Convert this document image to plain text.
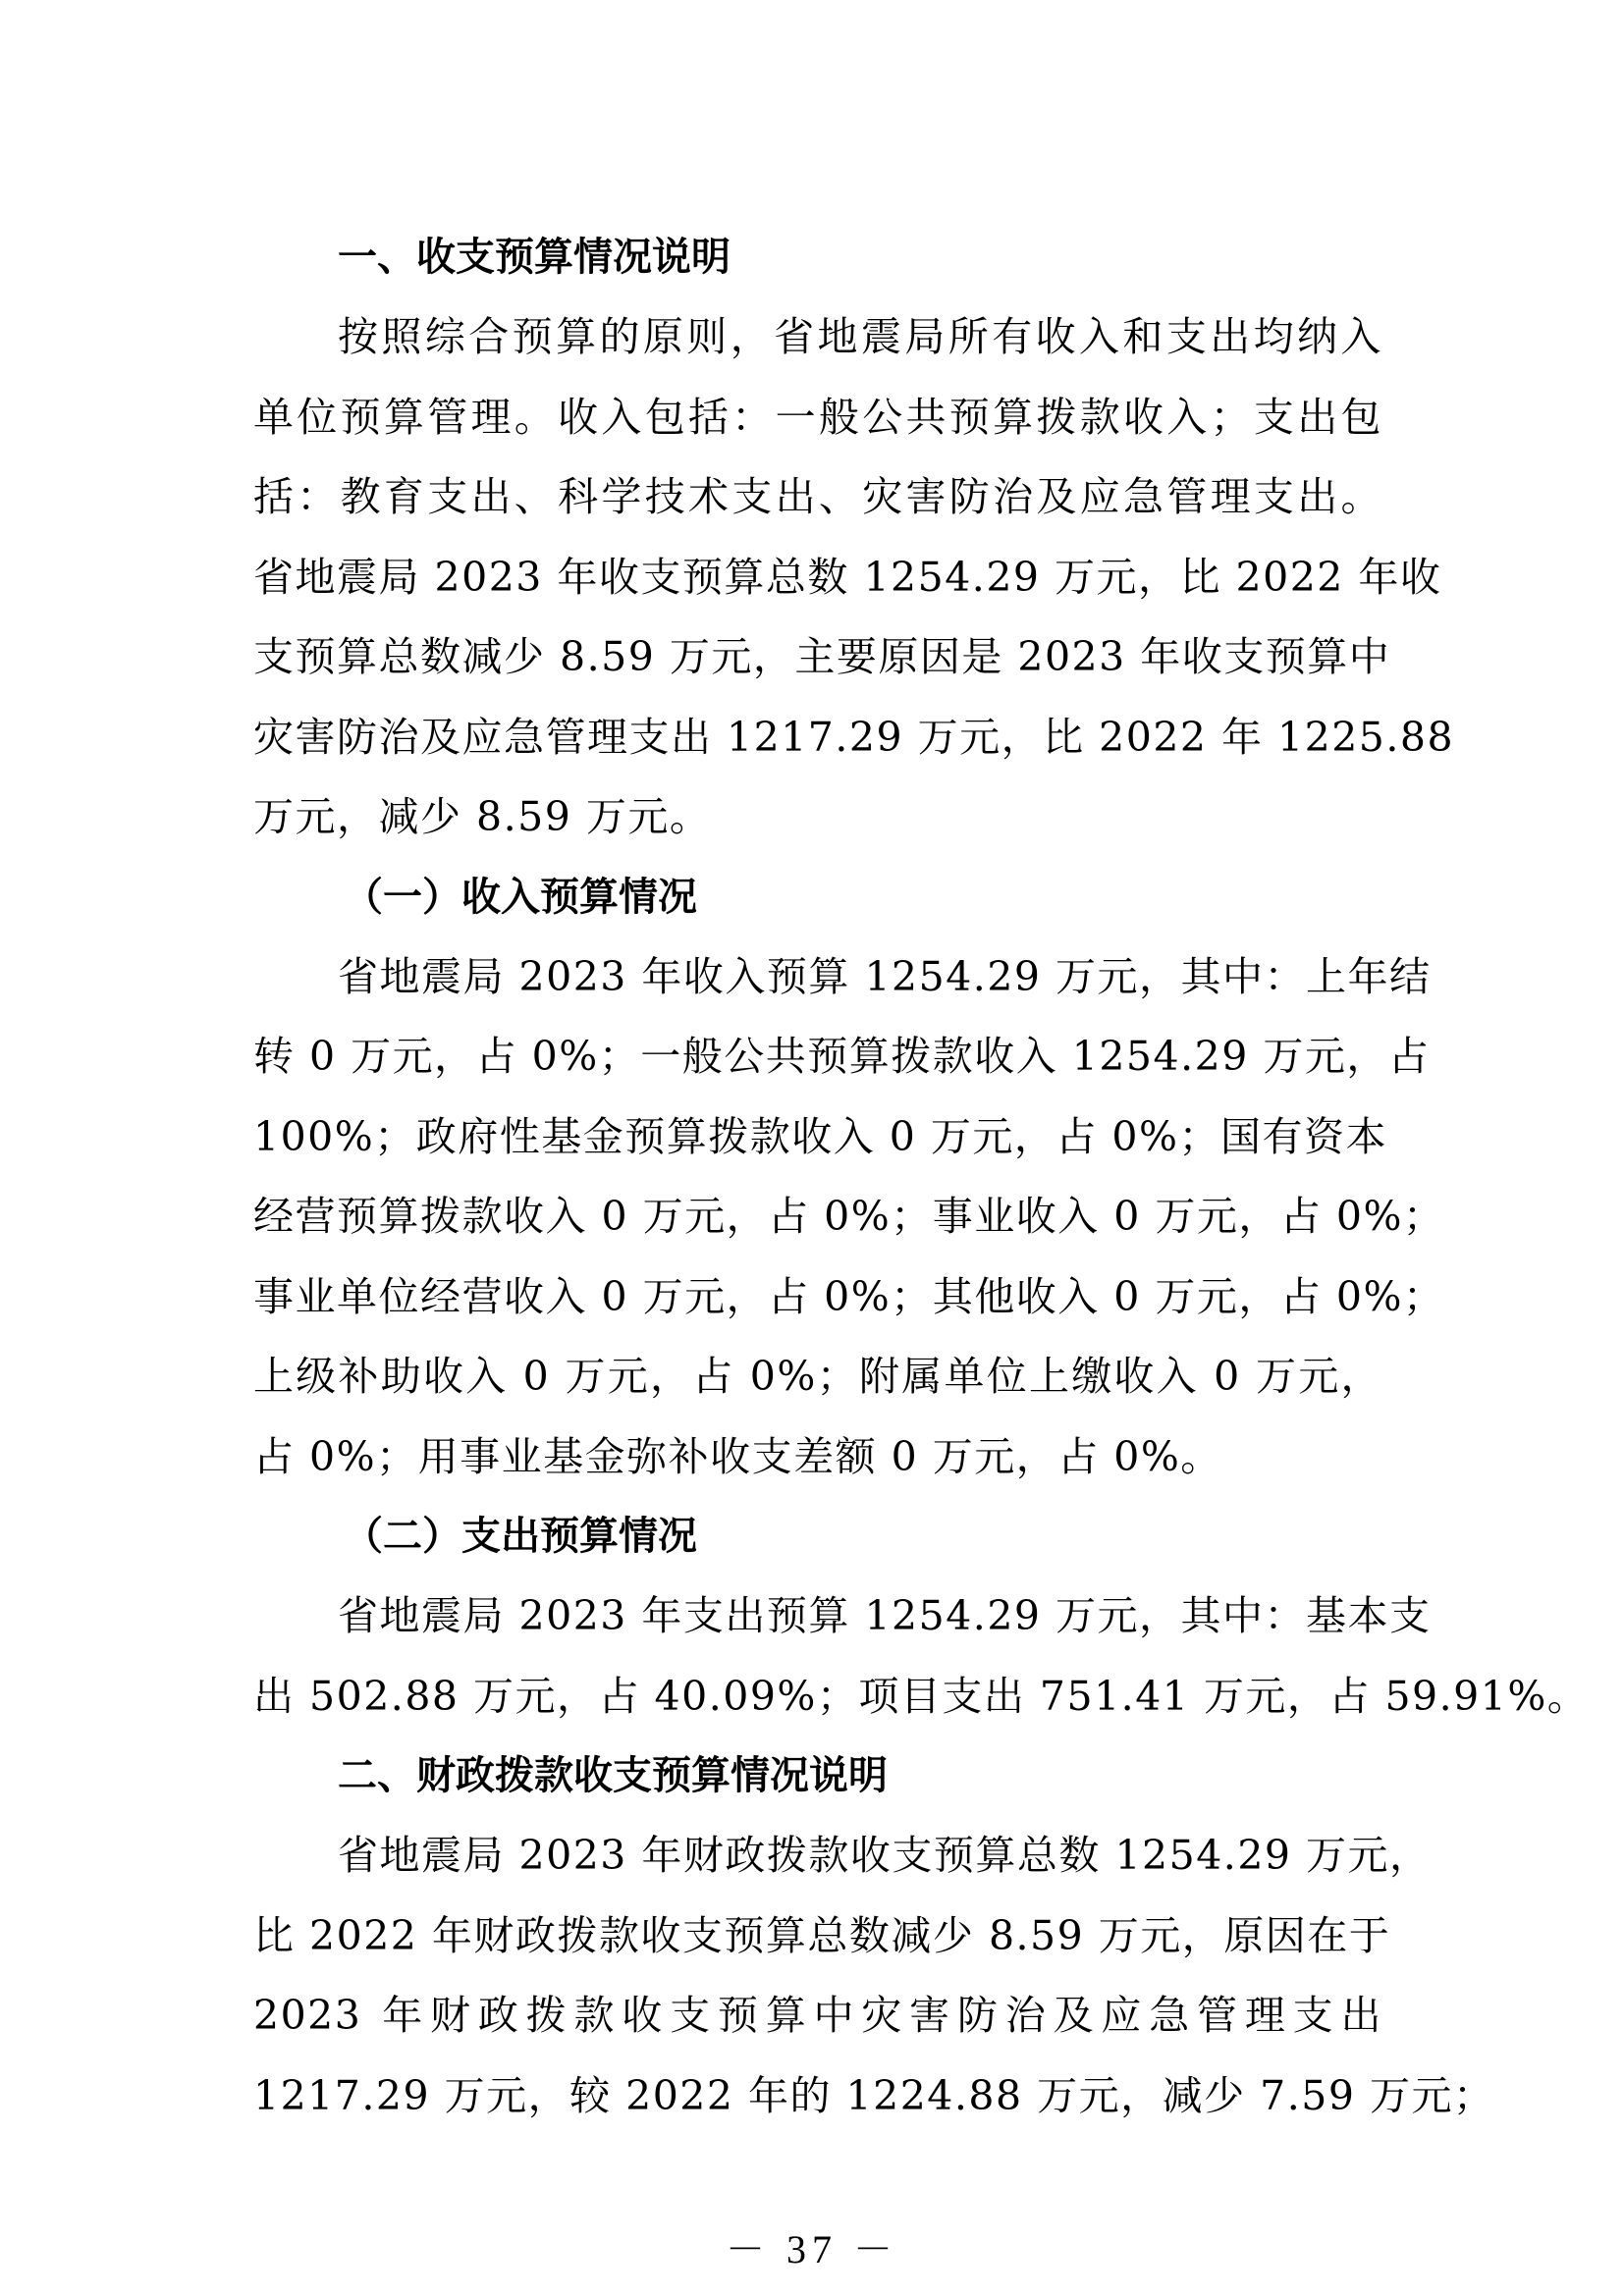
一、收支预算情况说明

按照综合预算的原则，省地震局所有收入和支出均纳入
单位预算管理。收入包括：一般公共预算拨款收入；支出包
括：教育支出、科学技术支出、灾害防治及应急管理支出。
省地震局 2023 年收支预算总数 1254.29 万元，比 2022 年收
支预算总数减少 8.59 万元，主要原因是 2023 年收支预算中
灾害防治及应急管理支出 1217.29 万元，比 2022 年 1225.88
万元，减少 8.59 万元。

（一）收入预算情况

省地震局 2023 年收入预算 1254.29 万元，其中：上年结
转 0 万元，占 0%；一般公共预算拨款收入 1254.29 万元，占
100%；政府性基金预算拨款收入 0 万元，占 0%；国有资本
经营预算拨款收入 0 万元，占 0%；事业收入 0 万元，占 0%；
事业单位经营收入 0 万元，占 0%；其他收入 0 万元，占 0%；
上级补助收入 0 万元，占 0%；附属单位上缴收入 0 万元，
占 0%；用事业基金弥补收支差额 0 万元，占 0%。

（二）支出预算情况

省地震局 2023 年支出预算 1254.29 万元，其中：基本支
出 502.88 万元，占 40.09%；项目支出 751.41 万元，占 59.91%。

二、财政拨款收支预算情况说明

省地震局 2023 年财政拨款收支预算总数 1254.29 万元，
比 2022 年财政拨款收支预算总数减少 8.59 万元，原因在于
2023 年财政拨款收支预算中灾害防治及应急管理支出
1217.29 万元，较 2022 年的 1224.88 万元，减少 7.59 万元；

－ 37 －
